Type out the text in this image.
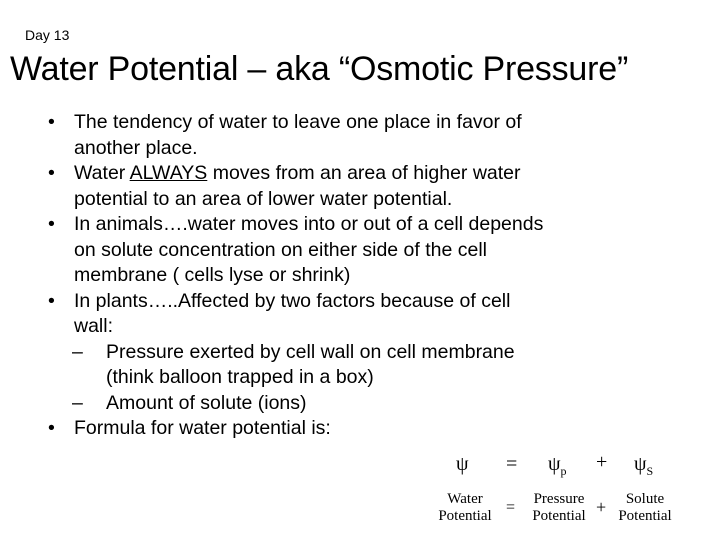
Day 13
Water Potential – aka “Osmotic Pressure”

• The tendency of water to leave one place in favor of another place.

• Water ALWAYS moves from an area of higher water potential to an area of lower water potential.

• In animals….water moves into or out of a cell depends on solute concentration on either side of the cell membrane ( cells lyse or shrink)

• In plants…..Affected by two factors because of cell wall:

– Pressure exerted by cell wall on cell membrane (think balloon trapped in a box)

– Amount of solute (ions)

• Formula for water potential is:

$\psi = \psi_p + \psi_S$
Water
Potential =	Pressure
Potential +	Solute
Potential
